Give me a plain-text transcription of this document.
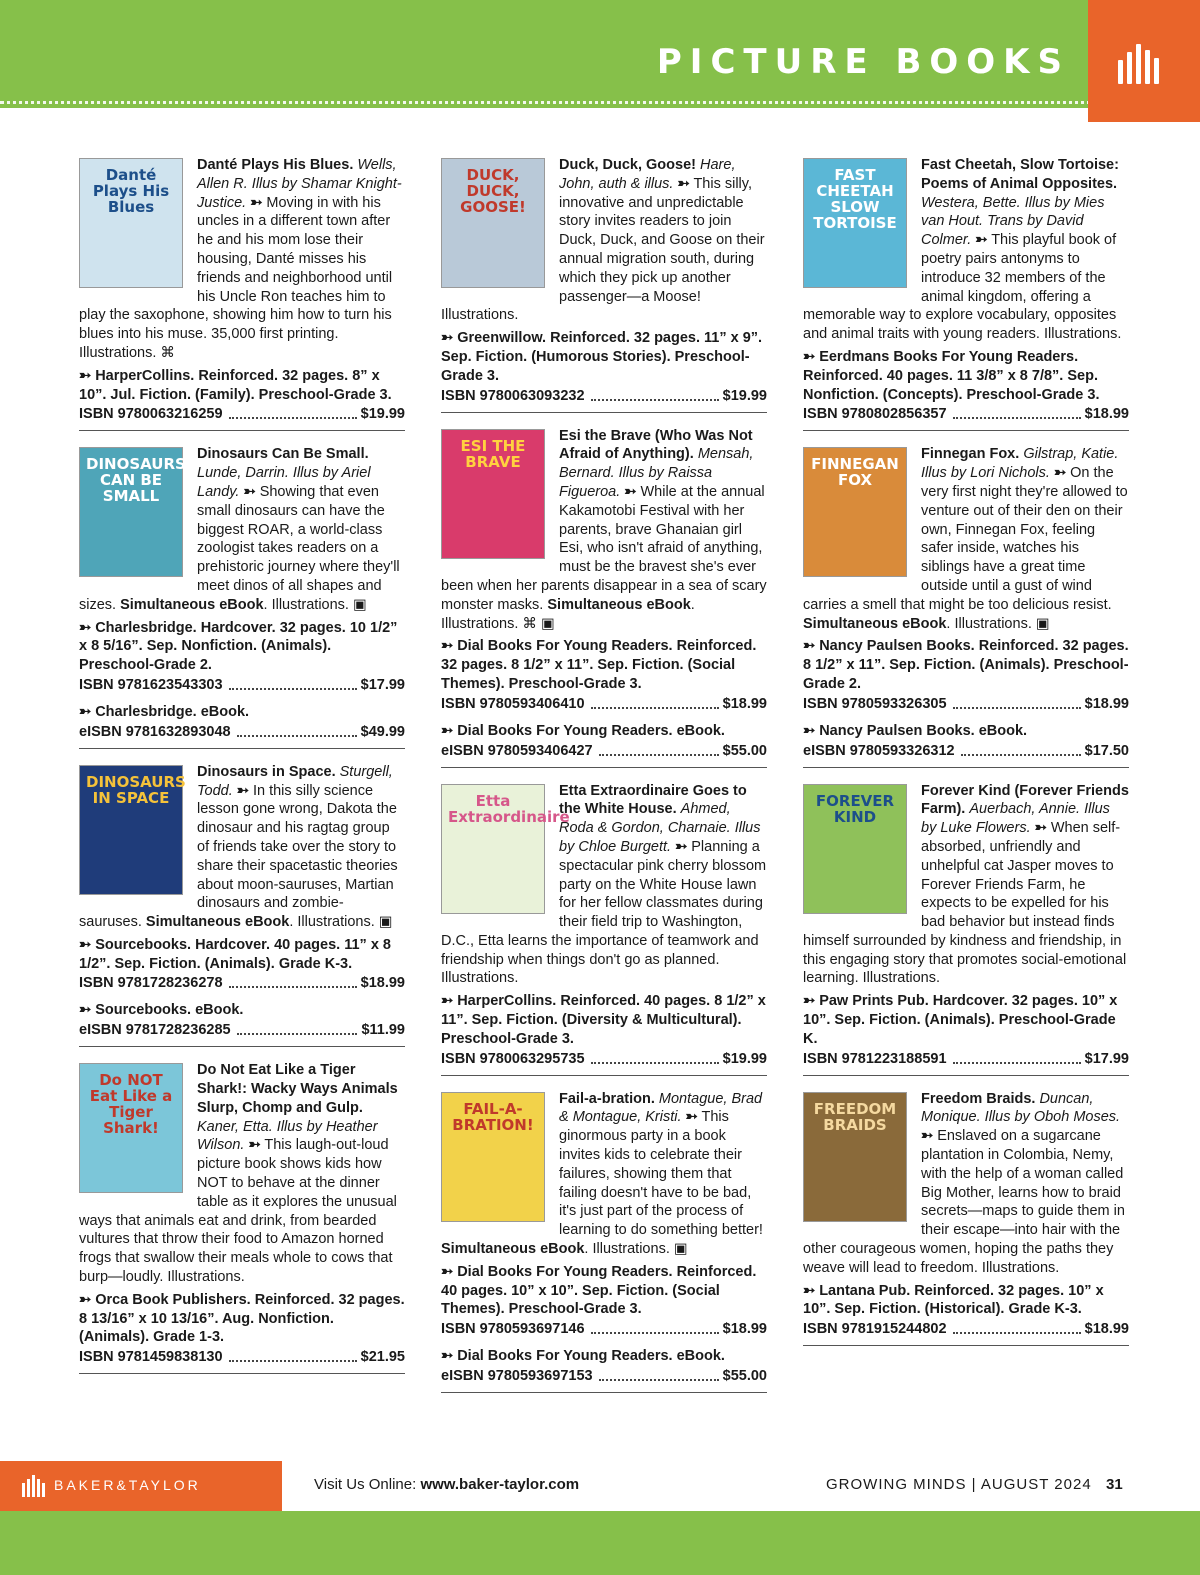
PICTURE BOOKS
Danté Plays His Blues
Danté Plays His Blues. Wells, Allen R. Illus by Shamar Knight-Justice. ➳ Moving in with his uncles in a different town after he and his mom lose their housing, Danté misses his friends and neighborhood until his Uncle Ron teaches him to play the saxophone, showing him how to turn his blues into his muse. 35,000 first printing. Illustrations. ⌘
➳ HarperCollins. Reinforced. 32 pages. 8” x 10”. Jul. Fiction. (Family). Preschool-Grade 3.
ISBN 9780063216259	$19.99
DINOSAURS CAN BE SMALL
Dinosaurs Can Be Small. Lunde, Darrin. Illus by Ariel Landy. ➳ Showing that even small dinosaurs can have the biggest ROAR, a world-class zoologist takes readers on a prehistoric journey where they'll meet dinos of all shapes and sizes. Simultaneous eBook. Illustrations. ▣
➳ Charlesbridge. Hardcover. 32 pages. 10 1/2” x 8 5/16”. Sep. Nonfiction. (Animals). Preschool-Grade 2.
ISBN 9781623543303	$17.99
➳ Charlesbridge. eBook.
eISBN 9781632893048	$49.99
DINOSAURS IN SPACE
Dinosaurs in Space. Sturgell, Todd. ➳ In this silly science lesson gone wrong, Dakota the dinosaur and his ragtag group of friends take over the story to share their spacetastic theories about moon-sauruses, Martian dinosaurs and zombie-sauruses. Simultaneous eBook. Illustrations. ▣
➳ Sourcebooks. Hardcover. 40 pages. 11” x 8 1/2”. Sep. Fiction. (Animals). Grade K-3.
ISBN 9781728236278	$18.99
➳ Sourcebooks. eBook.
eISBN 9781728236285	$11.99
Do NOT Eat Like a Tiger Shark!
Do Not Eat Like a Tiger Shark!: Wacky Ways Animals Slurp, Chomp and Gulp. Kaner, Etta. Illus by Heather Wilson. ➳ This laugh-out-loud picture book shows kids how NOT to behave at the dinner table as it explores the unusual ways that animals eat and drink, from bearded vultures that throw their food to Amazon horned frogs that swallow their meals whole to cows that burp—loudly. Illustrations.
➳ Orca Book Publishers. Reinforced. 32 pages. 8 13/16” x 10 13/16”. Aug. Nonfiction. (Animals). Grade 1-3.
ISBN 9781459838130	$21.95
DUCK, DUCK, GOOSE!
Duck, Duck, Goose! Hare, John, auth & illus. ➳ This silly, innovative and unpredictable story invites readers to join Duck, Duck, and Goose on their annual migration south, during which they pick up another passenger—a Moose! Illustrations.
➳ Greenwillow. Reinforced. 32 pages. 11” x 9”. Sep. Fiction. (Humorous Stories). Preschool-Grade 3.
ISBN 9780063093232	$19.99
ESI THE BRAVE
Esi the Brave (Who Was Not Afraid of Anything). Mensah, Bernard. Illus by Raissa Figueroa. ➳ While at the annual Kakamotobi Festival with her parents, brave Ghanaian girl Esi, who isn't afraid of anything, must be the bravest she's ever been when her parents disappear in a sea of scary monster masks. Simultaneous eBook. Illustrations. ⌘ ▣
➳ Dial Books For Young Readers. Reinforced. 32 pages. 8 1/2” x 11”. Sep. Fiction. (Social Themes). Preschool-Grade 3.
ISBN 9780593406410	$18.99
➳ Dial Books For Young Readers. eBook.
eISBN 9780593406427	$55.00
Etta Extraordinaire
Etta Extraordinaire Goes to the White House. Ahmed, Roda & Gordon, Charnaie. Illus by Chloe Burgett. ➳ Planning a spectacular pink cherry blossom party on the White House lawn for her fellow classmates during their field trip to Washington, D.C., Etta learns the importance of teamwork and friendship when things don't go as planned. Illustrations.
➳ HarperCollins. Reinforced. 40 pages. 8 1/2” x 11”. Sep. Fiction. (Diversity & Multicultural). Preschool-Grade 3.
ISBN 9780063295735	$19.99
FAIL-A-BRATION!
Fail-a-bration. Montague, Brad & Montague, Kristi. ➳ This ginormous party in a book invites kids to celebrate their failures, showing them that failing doesn't have to be bad, it's just part of the process of learning to do something better! Simultaneous eBook. Illustrations. ▣
➳ Dial Books For Young Readers. Reinforced. 40 pages. 10” x 10”. Sep. Fiction. (Social Themes). Preschool-Grade 3.
ISBN 9780593697146	$18.99
➳ Dial Books For Young Readers. eBook.
eISBN 9780593697153	$55.00
FAST CHEETAH SLOW TORTOISE
Fast Cheetah, Slow Tortoise: Poems of Animal Opposites. Westera, Bette. Illus by Mies van Hout. Trans by David Colmer. ➳ This playful book of poetry pairs antonyms to introduce 32 members of the animal kingdom, offering a memorable way to explore vocabulary, opposites and animal traits with young readers. Illustrations.
➳ Eerdmans Books For Young Readers. Reinforced. 40 pages. 11 3/8” x 8 7/8”. Sep. Nonfiction. (Concepts). Preschool-Grade 3.
ISBN 9780802856357	$18.99
FINNEGAN FOX
Finnegan Fox. Gilstrap, Katie. Illus by Lori Nichols. ➳ On the very first night they're allowed to venture out of their den on their own, Finnegan Fox, feeling safer inside, watches his siblings have a great time outside until a gust of wind carries a smell that might be too delicious resist. Simultaneous eBook. Illustrations. ▣
➳ Nancy Paulsen Books. Reinforced. 32 pages. 8 1/2” x 11”. Sep. Fiction. (Animals). Preschool-Grade 2.
ISBN 9780593326305	$18.99
➳ Nancy Paulsen Books. eBook.
eISBN 9780593326312	$17.50
FOREVER KIND
Forever Kind (Forever Friends Farm). Auerbach, Annie. Illus by Luke Flowers. ➳ When self-absorbed, unfriendly and unhelpful cat Jasper moves to Forever Friends Farm, he expects to be expelled for his bad behavior but instead finds himself surrounded by kindness and friendship, in this engaging story that promotes social-emotional learning. Illustrations.
➳ Paw Prints Pub. Hardcover. 32 pages. 10” x 10”. Sep. Fiction. (Animals). Preschool-Grade K.
ISBN 9781223188591	$17.99
FREEDOM BRAIDS
Freedom Braids. Duncan, Monique. Illus by Oboh Moses. ➳ Enslaved on a sugarcane plantation in Colombia, Nemy, with the help of a woman called Big Mother, learns how to braid secrets—maps to guide them in their escape—into hair with the other courageous women, hoping the paths they weave will lead to freedom. Illustrations.
➳ Lantana Pub. Reinforced. 32 pages. 10” x 10”. Sep. Fiction. (Historical). Grade K-3.
ISBN 9781915244802	$18.99
BAKER&TAYLOR	Visit Us Online: www.baker-taylor.com	GROWING MINDS | AUGUST 2024 31
